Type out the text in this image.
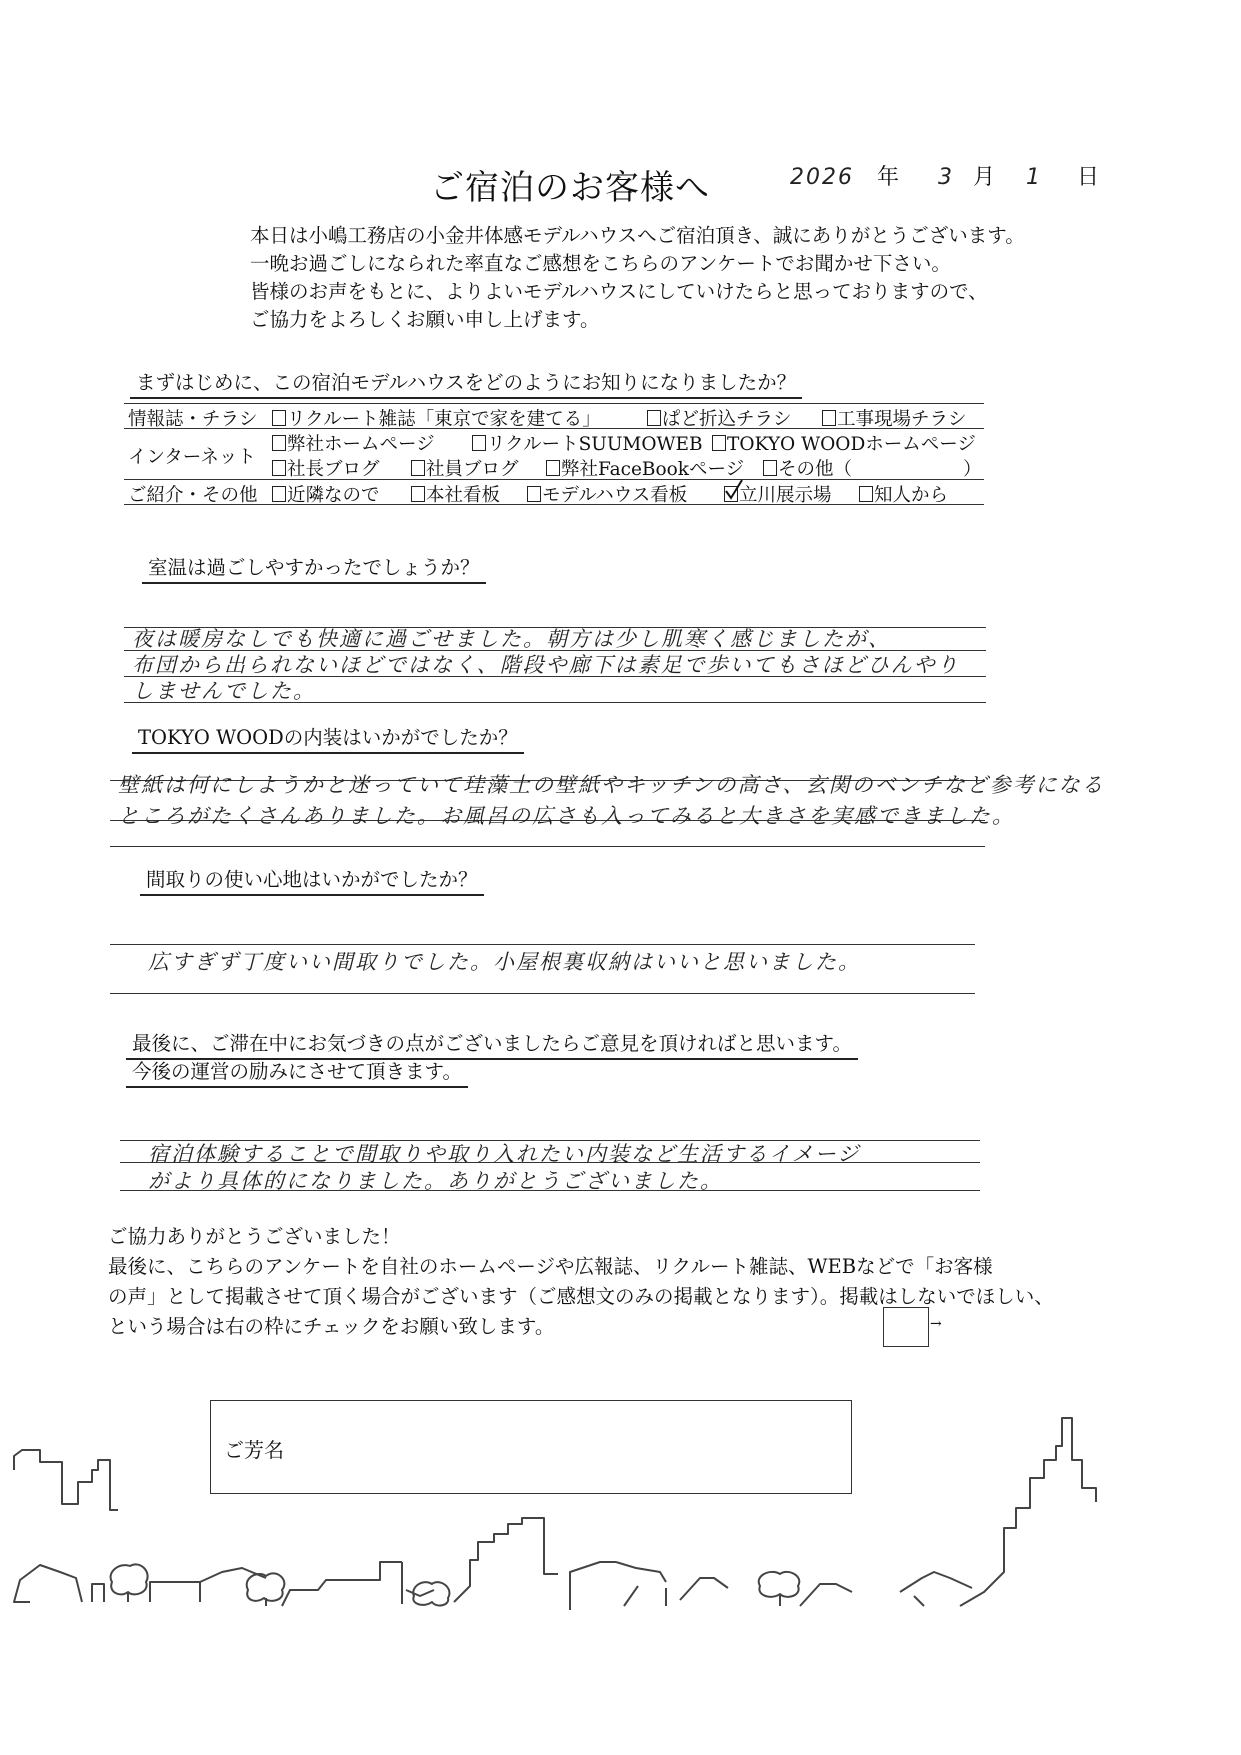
ご宿泊のお客様へ	2026 年 3 月 1 日
本日は小嶋工務店の小金井体感モデルハウスへご宿泊頂き、誠にありがとうございます。
一晩お過ごしになられた率直なご感想をこちらのアンケートでお聞かせ下さい。
皆様のお声をもとに、よりよいモデルハウスにしていけたらと思っておりますので、
ご協力をよろしくお願い申し上げます。
まずはじめに、この宿泊モデルハウスをどのようにお知りになりましたか？
情報誌・チラシ	リクルート雑誌「東京で家を建てる」	ぱど折込チラシ	工事現場チラシ
インターネット
弊社ホームページ	リクルートSUUMOWEB	TOKYO WOODホームページ
社長ブログ	社員ブログ	弊社FaceBookページ	その他（　　　　　　）
ご紹介・その他	近隣なので	本社看板	モデルハウス看板	立川展示場	知人から
室温は過ごしやすかったでしょうか？
夜は暖房なしでも快適に過ごせました。朝方は少し肌寒く感じましたが、
布団から出られないほどではなく、階段や廊下は素足で歩いてもさほどひんやり
しませんでした。
TOKYO WOODの内装はいかがでしたか？
壁紙は何にしようかと迷っていて珪藻土の壁紙やキッチンの高さ、玄関のベンチなど参考になる
ところがたくさんありました。お風呂の広さも入ってみると大きさを実感できました。
間取りの使い心地はいかがでしたか？
広すぎず丁度いい間取りでした。小屋根裏収納はいいと思いました。
最後に、ご滞在中にお気づきの点がございましたらご意見を頂ければと思います。
今後の運営の励みにさせて頂きます。
宿泊体験することで間取りや取り入れたい内装など生活するイメージ
がより具体的になりました。ありがとうございました。
ご協力ありがとうございました！
最後に、こちらのアンケートを自社のホームページや広報誌、リクルート雑誌、WEBなどで「お客様
の声」として掲載させて頂く場合がございます（ご感想文のみの掲載となります）。掲載はしないでほしい、
という場合は右の枠にチェックをお願い致します。	→
ご芳名
